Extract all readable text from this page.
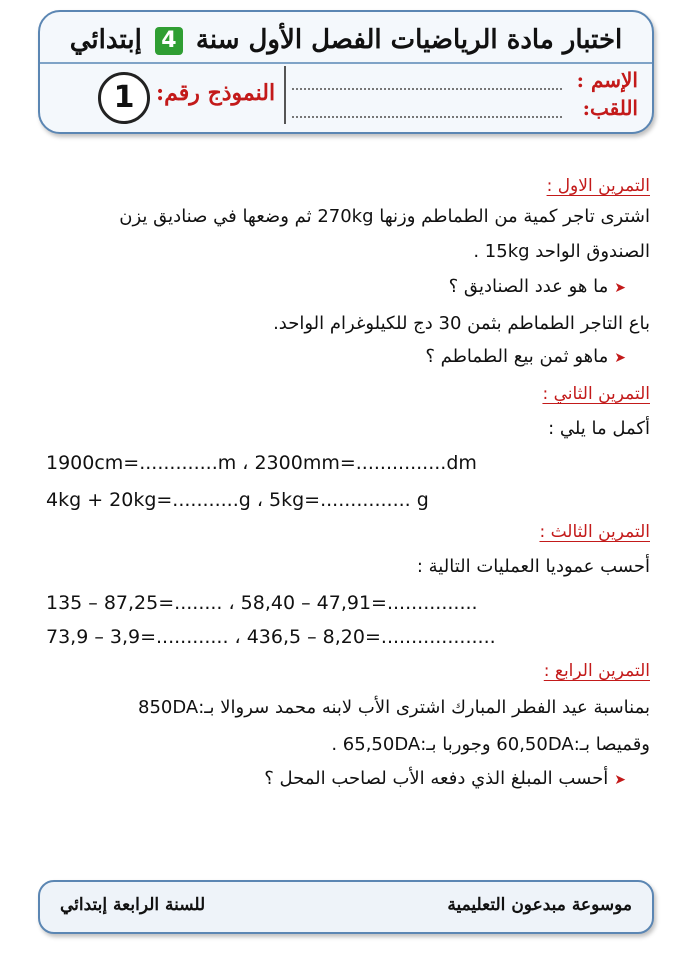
اختبار مادة الرياضيات الفصل الأول سنة 4 إبتدائي
الإسم :
اللقب:
النموذج رقم:
1
التمرين الاول :
اشترى تاجر كمية من الطماطم وزنها 270kg ثم وضعها في صناديق يزن
الصندوق الواحد 15kg .
➤ما هو عدد الصناديق ؟
باع التاجر الطماطم بثمن 30 دج للكيلوغرام الواحد.
➤ماهو ثمن بيع الطماطم ؟
التمرين الثاني :
أكمل ما يلي :
1900cm=.............m ، 2300mm=...............dm
4kg + 20kg=...........g ، 5kg=............... g
التمرين الثالث :
أحسب عموديا العمليات التالية :
135 – 87,25=........ ، 58,40 – 47,91=...............
73,9 – 3,9=............ ، 436,5 – 8,20=...................
التمرين الرابع :
بمناسبة عيد الفطر المبارك اشترى الأب لابنه محمد سروالا بـ:850DA
وقميصا بـ:60,50DA وجوربا بـ:65,50DA .
➤أحسب المبلغ الذي دفعه الأب لصاحب المحل ؟
موسوعة مبدعون التعليمية
للسنة الرابعة إبتدائي
